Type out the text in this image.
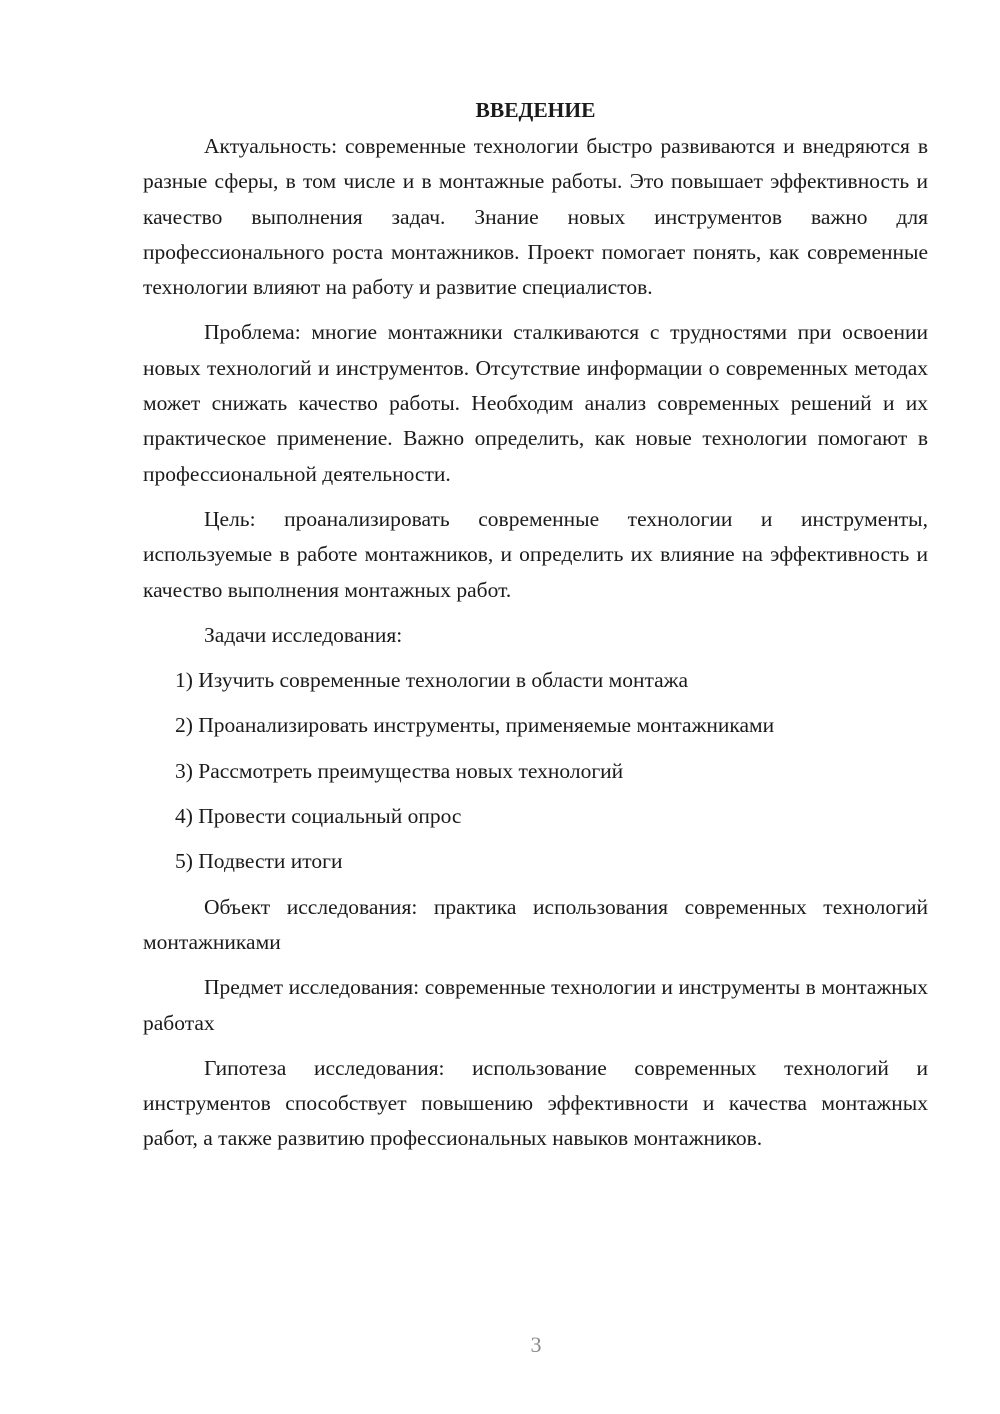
ВВЕДЕНИЕ

Актуальность: современные технологии быстро развиваются и внедряются в разные сферы, в том числе и в монтажные работы. Это повышает эффективность и качество выполнения задач. Знание новых инструментов важно для профессионального роста монтажников. Проект помогает понять, как современные технологии влияют на работу и развитие специалистов.

Проблема: многие монтажники сталкиваются с трудностями при освоении новых технологий и инструментов. Отсутствие информации о современных методах может снижать качество работы. Необходим анализ современных решений и их практическое применение. Важно определить, как новые технологии помогают в профессиональной деятельности.

Цель: проанализировать современные технологии и инструменты, используемые в работе монтажников, и определить их влияние на эффективность и качество выполнения монтажных работ.

Задачи исследования:

1) Изучить современные технологии в области монтажа
2) Проанализировать инструменты, применяемые монтажниками
3) Рассмотреть преимущества новых технологий
4) Провести социальный опрос
5) Подвести итоги

Объект исследования: практика использования современных технологий монтажниками

Предмет исследования: современные технологии и инструменты в монтажных работах

Гипотеза исследования: использование современных технологий и инструментов способствует повышению эффективности и качества монтажных работ, а также развитию профессиональных навыков монтажников.

3
